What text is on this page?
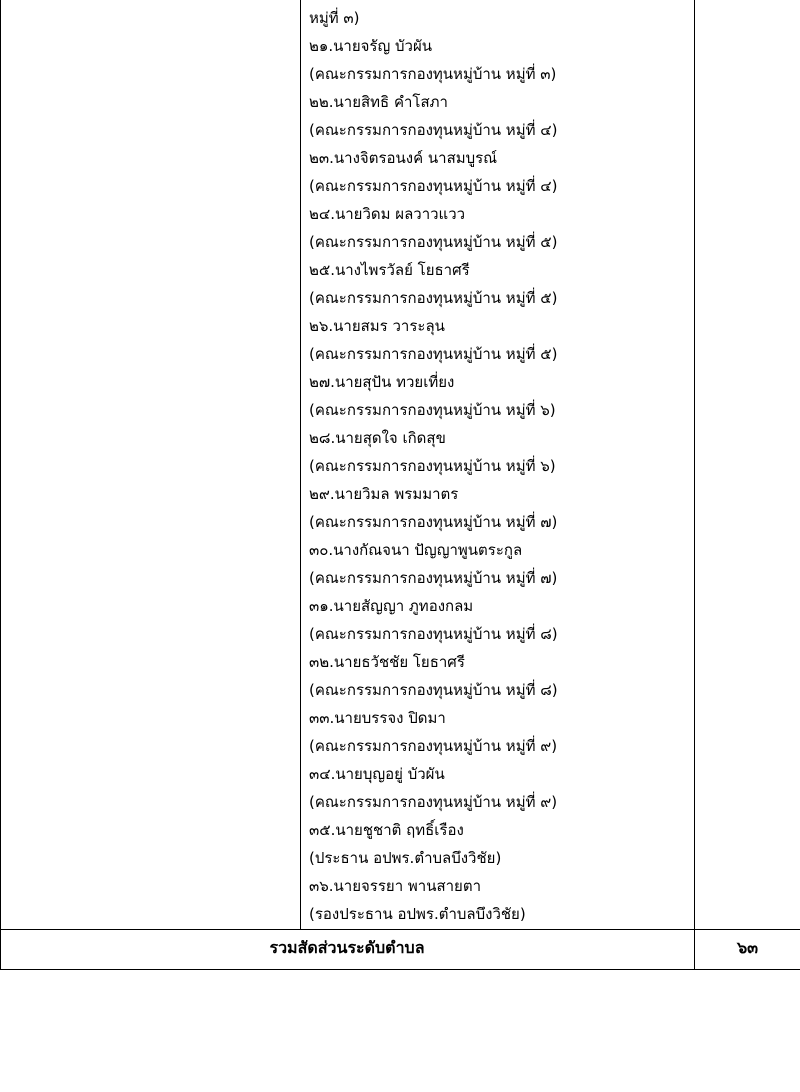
หมู่ที่ ๓)
๒๑.นายจรัญ บัวผัน
(คณะกรรมการกองทุนหมู่บ้าน หมู่ที่ ๓)
๒๒.นายสิทธิ คำโสภา
(คณะกรรมการกองทุนหมู่บ้าน หมู่ที่ ๔)
๒๓.นางจิตรอนงค์ นาสมบูรณ์
(คณะกรรมการกองทุนหมู่บ้าน หมู่ที่ ๔)
๒๔.นายวิดม ผลวาวแวว
(คณะกรรมการกองทุนหมู่บ้าน หมู่ที่ ๕)
๒๕.นางไพรวัลย์ โยธาศรี
(คณะกรรมการกองทุนหมู่บ้าน หมู่ที่ ๕)
๒๖.นายสมร วาระลุน
(คณะกรรมการกองทุนหมู่บ้าน หมู่ที่ ๕)
๒๗.นายสุปัน ทวยเที่ยง
(คณะกรรมการกองทุนหมู่บ้าน หมู่ที่ ๖)
๒๘.นายสุดใจ เกิดสุข
(คณะกรรมการกองทุนหมู่บ้าน หมู่ที่ ๖)
๒๙.นายวิมล พรมมาตร
(คณะกรรมการกองทุนหมู่บ้าน หมู่ที่ ๗)
๓๐.นางกัณจนา ปัญญาพูนตระกูล
(คณะกรรมการกองทุนหมู่บ้าน หมู่ที่ ๗)
๓๑.นายสัญญา ภูทองกลม
(คณะกรรมการกองทุนหมู่บ้าน หมู่ที่ ๘)
๓๒.นายธวัชชัย โยธาศรี
(คณะกรรมการกองทุนหมู่บ้าน หมู่ที่ ๘)
๓๓.นายบรรจง ปิดมา
(คณะกรรมการกองทุนหมู่บ้าน หมู่ที่ ๙)
๓๔.นายบุญอยู่ บัวผัน
(คณะกรรมการกองทุนหมู่บ้าน หมู่ที่ ๙)
๓๕.นายชูชาติ ฤทธิ์เรือง
(ประธาน อปพร.ตำบลบึงวิชัย)
๓๖.นายจรรยา พานสายตา
(รองประธาน อปพร.ตำบลบึงวิชัย)
รวมสัดส่วนระดับตำบล	๖๓
